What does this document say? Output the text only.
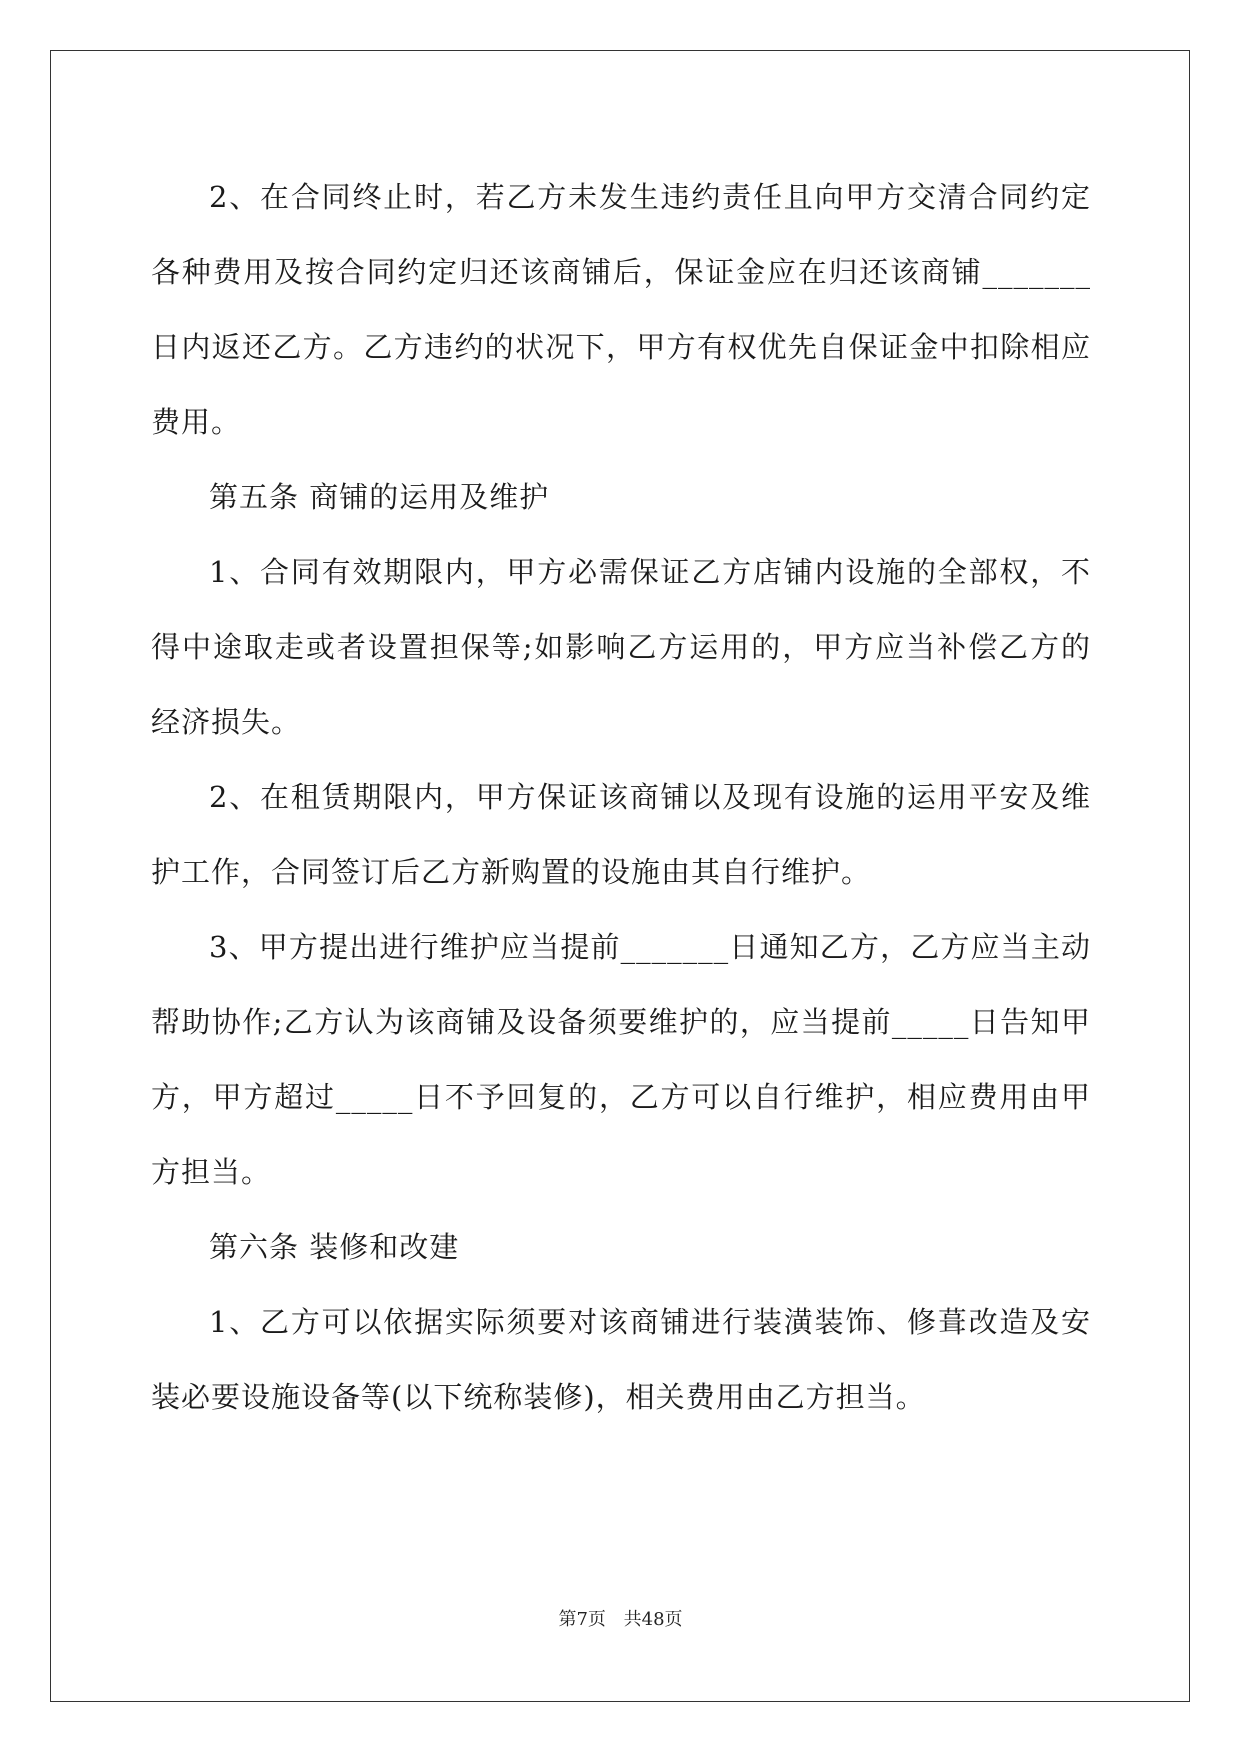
2、在合同终止时，若乙方未发生违约责任且向甲方交清合同约定各种费用及按合同约定归还该商铺后，保证金应在归还该商铺_______日内返还乙方。乙方违约的状况下，甲方有权优先自保证金中扣除相应费用。

第五条 商铺的运用及维护

1、合同有效期限内，甲方必需保证乙方店铺内设施的全部权，不得中途取走或者设置担保等;如影响乙方运用的，甲方应当补偿乙方的经济损失。

2、在租赁期限内，甲方保证该商铺以及现有设施的运用平安及维护工作，合同签订后乙方新购置的设施由其自行维护。

3、甲方提出进行维护应当提前_______日通知乙方，乙方应当主动帮助协作;乙方认为该商铺及设备须要维护的，应当提前_____日告知甲方，甲方超过_____日不予回复的，乙方可以自行维护，相应费用由甲方担当。

第六条 装修和改建

1、乙方可以依据实际须要对该商铺进行装潢装饰、修葺改造及安装必要设施设备等(以下统称装修)，相关费用由乙方担当。

第7页 共48页
